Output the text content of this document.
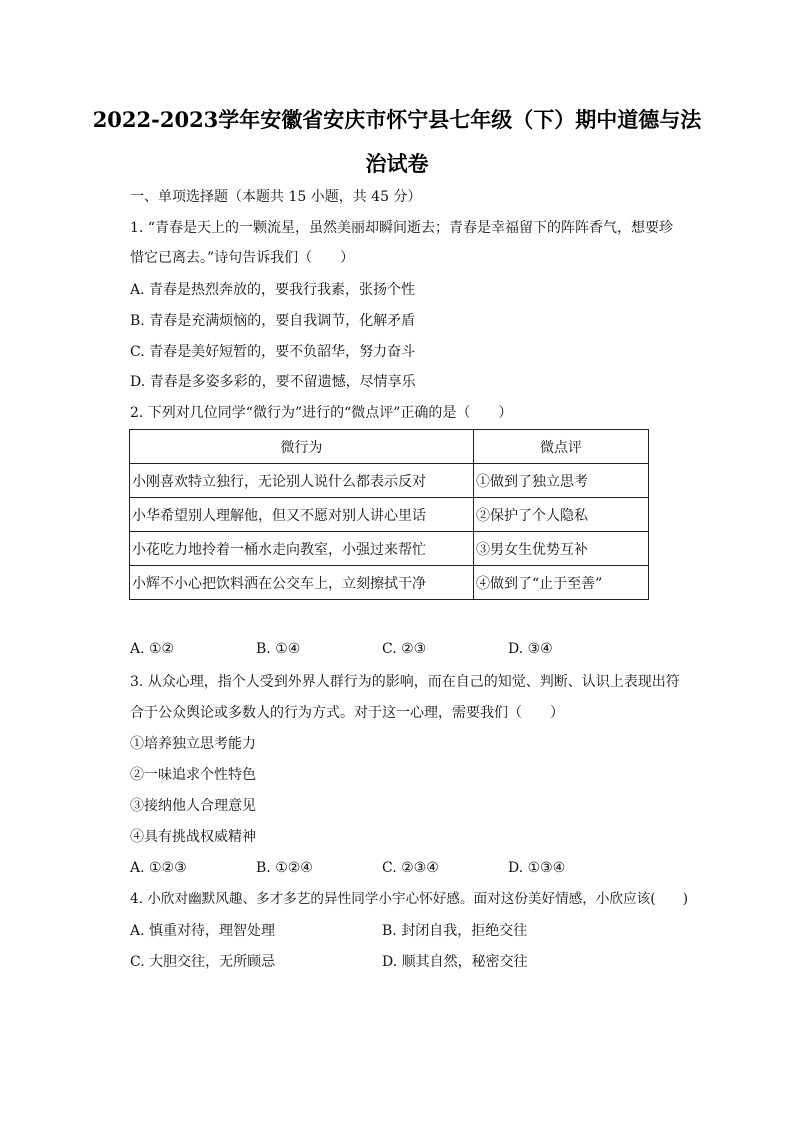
2022-2023学年安徽省安庆市怀宁县七年级（下）期中道德与法
治试卷
一、单项选择题（本题共 15 小题，共 45 分）
1. “青春是天上的一颗流星，虽然美丽却瞬间逝去；青春是幸福留下的阵阵香气，想要珍
惜它已离去。”诗句告诉我们（　　）
A. 青春是热烈奔放的，要我行我素，张扬个性
B. 青春是充满烦恼的，要自我调节，化解矛盾
C. 青春是美好短暂的，要不负韶华，努力奋斗
D. 青春是多姿多彩的，要不留遗憾，尽情享乐
2. 下列对几位同学“微行为”进行的“微点评”正确的是（　　）
微行为	微点评
小刚喜欢特立独行，无论别人说什么都表示反对	①做到了独立思考
小华希望别人理解他，但又不愿对别人讲心里话	②保护了个人隐私
小花吃力地拎着一桶水走向教室，小强过来帮忙	③男女生优势互补
小辉不小心把饮料洒在公交车上，立刻擦拭干净	④做到了“止于至善”
A. ①②	B. ①④	C. ②③	D. ③④
3. 从众心理，指个人受到外界人群行为的影响，而在自己的知觉、判断、认识上表现出符
合于公众舆论或多数人的行为方式。对于这一心理，需要我们（　　）
①培养独立思考能力
②一味追求个性特色
③接纳他人合理意见
④具有挑战权威精神
A. ①②③	B. ①②④	C. ②③④	D. ①③④
4. 小欣对幽默风趣、多才多艺的异性同学小宇心怀好感。面对这份美好情感，小欣应该(　　)
A. 慎重对待，理智处理	B. 封闭自我，拒绝交往
C. 大胆交往，无所顾忌	D. 顺其自然，秘密交往
